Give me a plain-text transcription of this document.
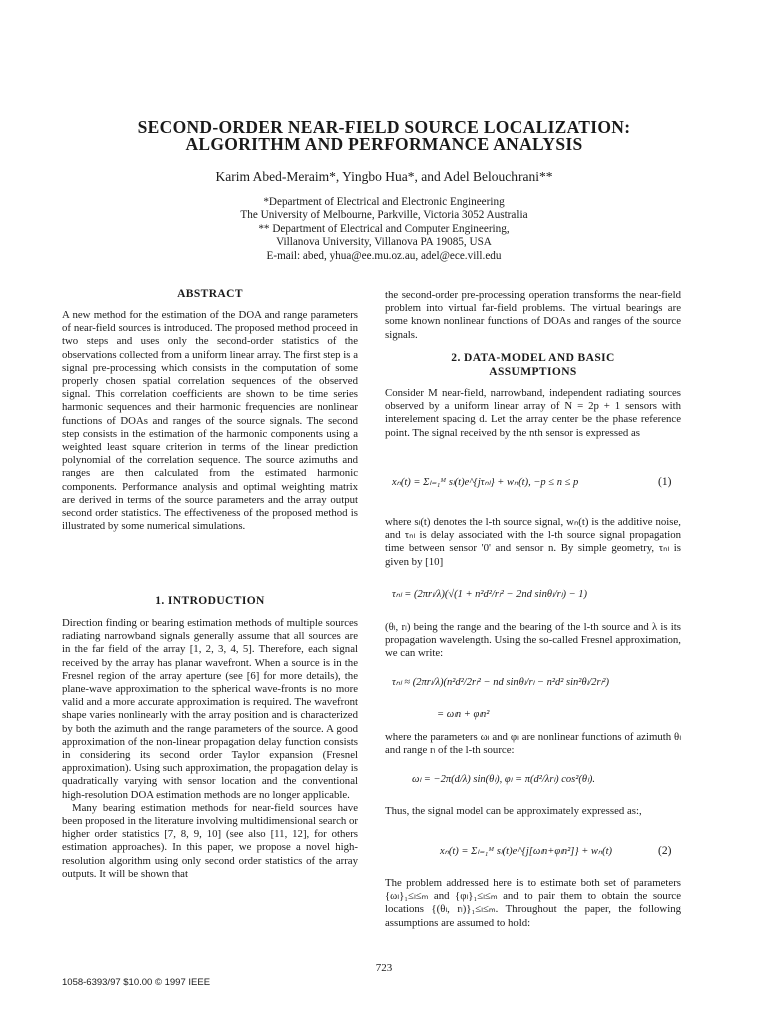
SECOND-ORDER NEAR-FIELD SOURCE LOCALIZATION:
ALGORITHM AND PERFORMANCE ANALYSIS
Karim Abed-Meraim*, Yingbo Hua*, and Adel Belouchrani**
*Department of Electrical and Electronic Engineering
The University of Melbourne, Parkville, Victoria 3052 Australia
** Department of Electrical and Computer Engineering,
Villanova University, Villanova PA 19085, USA
E-mail: abed, yhua@ee.mu.oz.au, adel@ece.vill.edu
ABSTRACT

A new method for the estimation of the DOA and range parameters of near-field sources is introduced. The proposed method proceed in two steps and uses only the second-order statistics of the observations collected from a uniform linear array. The first step is a signal pre-processing which consists in the computation of some properly chosen spatial correlation sequences of the observed signal. This correlation coefficients are shown to be time series harmonic sequences and their harmonic frequencies are nonlinear functions of DOAs and ranges of the source signals. The second step consists in the estimation of the harmonic components using a weighted least square criterion in terms of the linear prediction polynomial of the correlation sequence. The source azimuths and ranges are then calculated from the estimated harmonic components. Performance analysis and optimal weighting matrix are derived in terms of the source parameters and the array output second order statistics. The effectiveness of the proposed method is illustrated by some numerical simulations.

1. INTRODUCTION

Direction finding or bearing estimation methods of multiple sources radiating narrowband signals generally assume that all sources are in the far field of the array [1, 2, 3, 4, 5]. Therefore, each signal received by the array has planar wavefront. When a source is in the Fresnel region of the array aperture (see [6] for more details), the plane-wave approximation to the spherical wave-fronts is no more valid and a more accurate approximation is required. The wavefront shape varies nonlinearly with the array position and is characterized by both the azimuth and the range parameters of the source. A good approximation of the non-linear propagation delay function consists in considering its second order Taylor expansion (Fresnel approximation). Using such approximation, the propagation delay is quadratically varying with sensor location and the conventional high-resolution DOA estimation methods are no longer applicable.

Many bearing estimation methods for near-field sources have been proposed in the literature involving multidimensional search or higher order statistics [7, 8, 9, 10] (see also [11, 12], for others estimation approaches). In this paper, we propose a novel high-resolution algorithm using only second order statistics of the array outputs. It will be shown that

the second-order pre-processing operation transforms the near-field problem into virtual far-field problems. The virtual bearings are some known nonlinear functions of DOAs and ranges of the source signals.
2. DATA-MODEL AND BASIC
ASSUMPTIONS
Consider M near-field, narrowband, independent radiating sources observed by a uniform linear array of N = 2p + 1 sensors with interelement spacing d. Let the array center be the phase reference point. The signal received by the nth sensor is expressed as
xₙ(t) = Σₗ₌₁ᴹ sₗ(t)e^{jτₙₗ} + wₙ(t), −p ≤ n ≤ p	(1)
where sₗ(t) denotes the l-th source signal, wₙ(t) is the additive noise, and τₙₗ is delay associated with the l-th source signal propagation time between sensor '0' and sensor n. By simple geometry, τₙₗ is given by [10]
τₙₗ = (2πrₗ/λ)(√(1 + n²d²/rₗ² − 2nd sinθₗ/rₗ) − 1)
(θₗ, rₗ) being the range and the bearing of the l-th source and λ is its propagation wavelength. Using the so-called Fresnel approximation, we can write:
τₙₗ ≈ (2πrₗ/λ)(n²d²/2rₗ² − nd sinθₗ/rₗ − n²d² sin²θₗ/2rₗ²)
= ωₗn + φₗn²
where the parameters ωₗ and φₗ are nonlinear functions of azimuth θₗ and range rₗ of the l-th source:
ωₗ = −2π(d/λ) sin(θₗ), φₗ = π(d²/λrₗ) cos²(θₗ).
Thus, the signal model can be approximately expressed as:,
xₙ(t) = Σₗ₌₁ᴹ sₗ(t)e^{j[ωₗn+φₗn²]} + wₙ(t)	(2)
The problem addressed here is to estimate both set of parameters {ωₗ}₁≤ₗ≤ₘ and {φₗ}₁≤ₗ≤ₘ and to pair them to obtain the source locations {(θₗ, rₗ)}₁≤ₗ≤ₘ. Throughout the paper, the following assumptions are assumed to hold:
723
1058-6393/97 $10.00 © 1997 IEEE
